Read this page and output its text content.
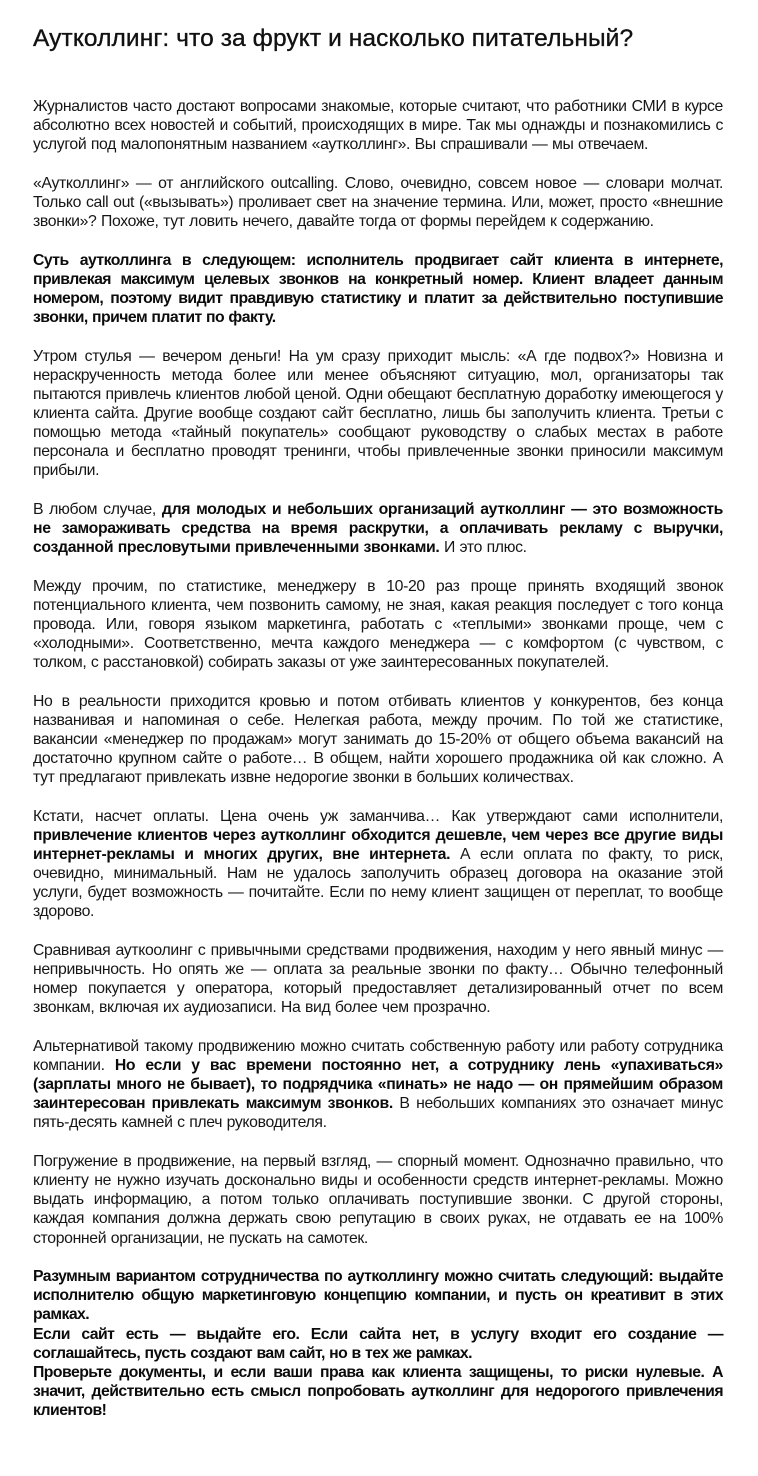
Аутколлинг: что за фрукт и насколько питательный?

Журналистов часто достают вопросами знакомые, которые считают, что работники СМИ в курсе абсолютно всех новостей и событий, происходящих в мире. Так мы однажды и познакомились с услугой под малопонятным названием «аутколлинг». Вы спрашивали — мы отвечаем.

«Аутколлинг» — от английского outcalling. Слово, очевидно, совсем новое — словари молчат. Только call out («вызывать») проливает свет на значение термина. Или, может, просто «внешние звонки»? Похоже, тут ловить нечего, давайте тогда от формы перейдем к содержанию.

Суть аутколлинга в следующем: исполнитель продвигает сайт клиента в интернете, привлекая максимум целевых звонков на конкретный номер. Клиент владеет данным номером, поэтому видит правдивую статистику и платит за действительно поступившие звонки, причем платит по факту.

Утром стулья — вечером деньги! На ум сразу приходит мысль: «А где подвох?» Новизна и нераскрученность метода более или менее объясняют ситуацию, мол, организаторы так пытаются привлечь клиентов любой ценой. Одни обещают бесплатную доработку имеющегося у клиента сайта. Другие вообще создают сайт бесплатно, лишь бы заполучить клиента. Третьи с помощью метода «тайный покупатель» сообщают руководству о слабых местах в работе персонала и бесплатно проводят тренинги, чтобы привлеченные звонки приносили максимум прибыли.

В любом случае, для молодых и небольших организаций аутколлинг — это возможность не замораживать средства на время раскрутки, а оплачивать рекламу с выручки, созданной пресловутыми привлеченными звонками. И это плюс.

Между прочим, по статистике, менеджеру в 10-20 раз проще принять входящий звонок потенциального клиента, чем позвонить самому, не зная, какая реакция последует с того конца провода. Или, говоря языком маркетинга, работать с «теплыми» звонками проще, чем с «холодными». Соответственно, мечта каждого менеджера — с комфортом (с чувством, с толком, с расстановкой) собирать заказы от уже заинтересованных покупателей.

Но в реальности приходится кровью и потом отбивать клиентов у конкурентов, без конца названивая и напоминая о себе. Нелегкая работа, между прочим. По той же статистике, вакансии «менеджер по продажам» могут занимать до 15-20% от общего объема вакансий на достаточно крупном сайте о работе… В общем, найти хорошего продажника ой как сложно. А тут предлагают привлекать извне недорогие звонки в больших количествах.

Кстати, насчет оплаты. Цена очень уж заманчива… Как утверждают сами исполнители, привлечение клиентов через аутколлинг обходится дешевле, чем через все другие виды интернет-рекламы и многих других, вне интернета. А если оплата по факту, то риск, очевидно, минимальный. Нам не удалось заполучить образец договора на оказание этой услуги, будет возможность — почитайте. Если по нему клиент защищен от переплат, то вообще здорово.

Сравнивая ауткоолинг с привычными средствами продвижения, находим у него явный минус — непривычность. Но опять же — оплата за реальные звонки по факту… Обычно телефонный номер покупается у оператора, который предоставляет детализированный отчет по всем звонкам, включая их аудиозаписи. На вид более чем прозрачно.

Альтернативой такому продвижению можно считать собственную работу или работу сотрудника компании. Но если у вас времени постоянно нет, а сотруднику лень «упахиваться» (зарплаты много не бывает), то подрядчика «пинать» не надо — он прямейшим образом заинтересован привлекать максимум звонков. В небольших компаниях это означает минус пять-десять камней с плеч руководителя.

Погружение в продвижение, на первый взгляд, — спорный момент. Однозначно правильно, что клиенту не нужно изучать досконально виды и особенности средств интернет-рекламы. Можно выдать информацию, а потом только оплачивать поступившие звонки. С другой стороны, каждая компания должна держать свою репутацию в своих руках, не отдавать ее на 100% сторонней организации, не пускать на самотек.

Разумным вариантом сотрудничества по аутколлингу можно считать следующий: выдайте исполнителю общую маркетинговую концепцию компании, и пусть он креативит в этих рамках.

Если сайт есть — выдайте его. Если сайта нет, в услугу входит его создание — соглашайтесь, пусть создают вам сайт, но в тех же рамках.

Проверьте документы, и если ваши права как клиента защищены, то риски нулевые. А значит, действительно есть смысл попробовать аутколлинг для недорогого привлечения клиентов!
